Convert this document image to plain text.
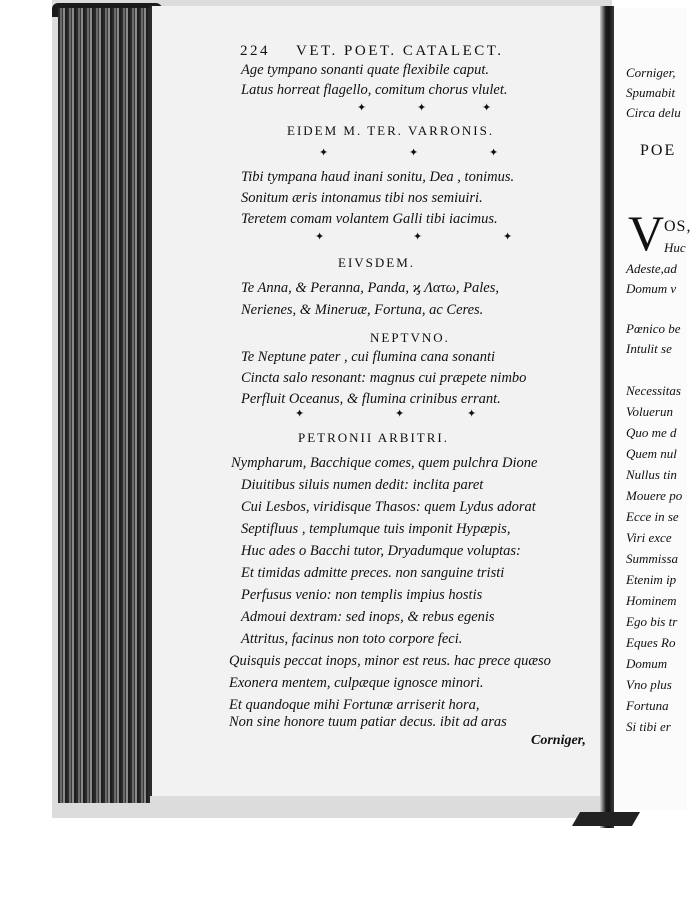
224 VET. POET. CATALECT.
Age tympano sonanti quate flexibile caput.
Latus horreat flagello, comitum chorus vlulet.
✦	✦	✦
EIDEM M. TER. VARRONIS.
✦	✦	✦
Tibi tympana haud inani sonitu, Dea , tonimus.
Sonitum æris intonamus tibi nos semiuiri.
Teretem comam volantem Galli tibi iacimus.
✦	✦	✦
EIVSDEM.
Te Anna, & Peranna, Panda, ϗ Λατω, Pales,
Nerienes, & Mineruæ, Fortuna, ac Ceres.
NEPTVNO.
Te Neptune pater , cui flumina cana sonanti
Cincta salo resonant: magnus cui præpete nimbo
Perfluit Oceanus, & flumina crinibus errant.
✦	✦	✦
PETRONII ARBITRI.
Nympharum, Bacchique comes, quem pulchra Dione
Diuitibus siluis numen dedit: inclita paret
Cui Lesbos, viridisque Thasos: quem Lydus adorat
Septifluus , templumque tuis imponit Hypæpis,
Huc ades o Bacchi tutor, Dryadumque voluptas:
Et timidas admitte preces. non sanguine tristi
Perfusus venio: non templis impius hostis
Admoui dextram: sed inops, & rebus egenis
Attritus, facinus non toto corpore feci.
Quisquis peccat inops, minor est reus. hac prece quæso
Exonera mentem, culpæque ignosce minori.
Et quandoque mihi Fortunæ arriserit hora,
Non sine honore tuum patiar decus. ibit ad aras
Corniger,
Corniger,
Spumabit
Circa delu
POE
V OS,
Huc
Adeste,ad
Domum v
Pœnico be
Intulit se
Necessitas
Voluerun
Quo me d
Quem nul
Nullus tin
Mouere po
Ecce in se
Viri exce
Summissa
Etenim ip
Hominem
Ego bis tr
Eques Ro
Domum
Vno plus
Fortuna
Si tibi er
